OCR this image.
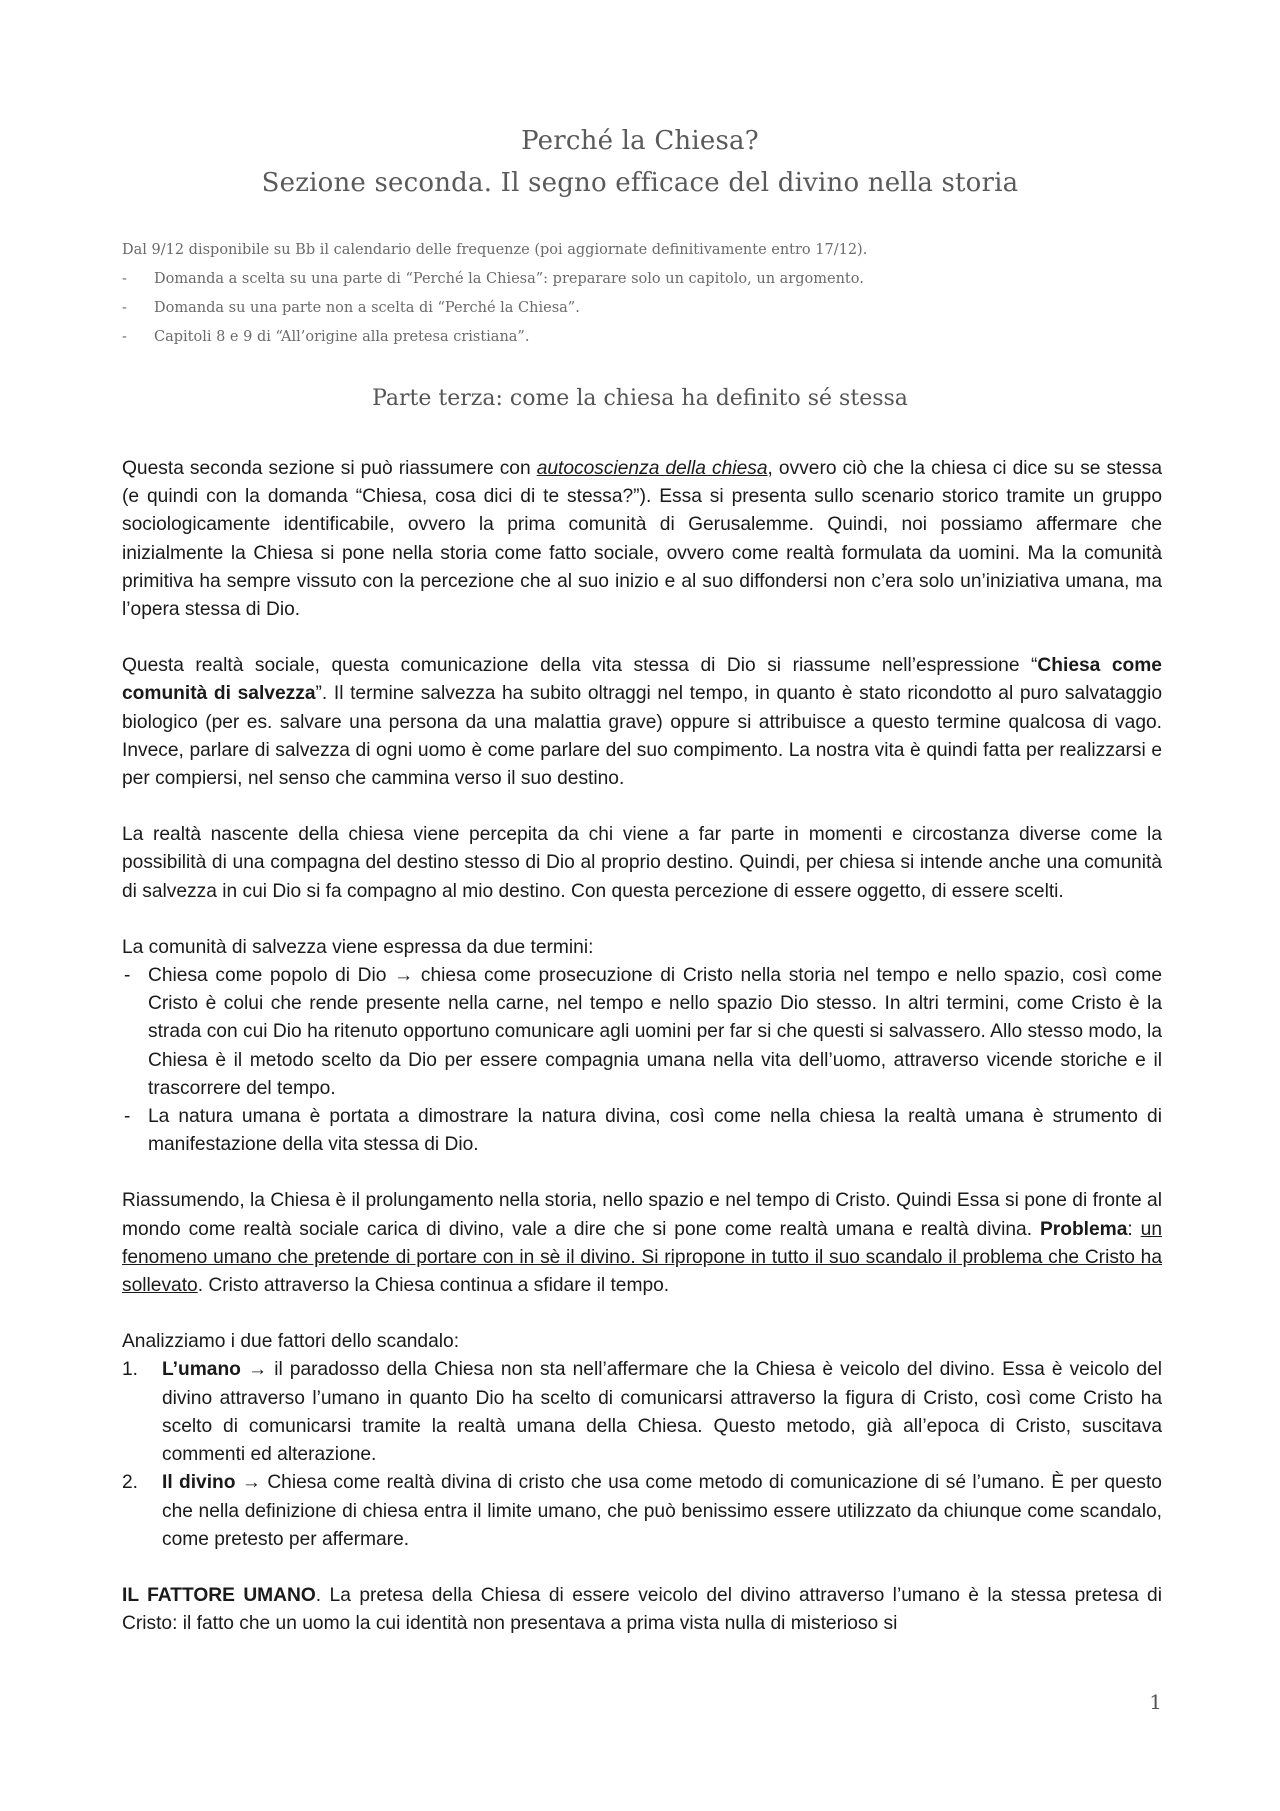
Perché la Chiesa?
Sezione seconda. Il segno efficace del divino nella storia
Dal 9/12 disponibile su Bb il calendario delle frequenze (poi aggiornate definitivamente entro 17/12).
- Domanda a scelta su una parte di “Perché la Chiesa”: preparare solo un capitolo, un argomento.
- Domanda su una parte non a scelta di “Perché la Chiesa”.
- Capitoli 8 e 9 di “All’origine alla pretesa cristiana”.
Parte terza: come la chiesa ha definito sé stessa

Questa seconda sezione si può riassumere con autocoscienza della chiesa, ovvero ciò che la chiesa ci dice su se stessa (e quindi con la domanda “Chiesa, cosa dici di te stessa?”). Essa si presenta sullo scenario storico tramite un gruppo sociologicamente identificabile, ovvero la prima comunità di Gerusalemme. Quindi, noi possiamo affermare che inizialmente la Chiesa si pone nella storia come fatto sociale, ovvero come realtà formulata da uomini. Ma la comunità primitiva ha sempre vissuto con la percezione che al suo inizio e al suo diffondersi non c’era solo un’iniziativa umana, ma l’opera stessa di Dio.

Questa realtà sociale, questa comunicazione della vita stessa di Dio si riassume nell’espressione “Chiesa come comunità di salvezza”. Il termine salvezza ha subito oltraggi nel tempo, in quanto è stato ricondotto al puro salvataggio biologico (per es. salvare una persona da una malattia grave) oppure si attribuisce a questo termine qualcosa di vago. Invece, parlare di salvezza di ogni uomo è come parlare del suo compimento. La nostra vita è quindi fatta per realizzarsi e per compiersi, nel senso che cammina verso il suo destino.

La realtà nascente della chiesa viene percepita da chi viene a far parte in momenti e circostanza diverse come la possibilità di una compagna del destino stesso di Dio al proprio destino. Quindi, per chiesa si intende anche una comunità di salvezza in cui Dio si fa compagno al mio destino. Con questa percezione di essere oggetto, di essere scelti.

La comunità di salvezza viene espressa da due termini:

- Chiesa come popolo di Dio → chiesa come prosecuzione di Cristo nella storia nel tempo e nello spazio, così come Cristo è colui che rende presente nella carne, nel tempo e nello spazio Dio stesso. In altri termini, come Cristo è la strada con cui Dio ha ritenuto opportuno comunicare agli uomini per far si che questi si salvassero. Allo stesso modo, la Chiesa è il metodo scelto da Dio per essere compagnia umana nella vita dell’uomo, attraverso vicende storiche e il trascorrere del tempo.
- La natura umana è portata a dimostrare la natura divina, così come nella chiesa la realtà umana è strumento di manifestazione della vita stessa di Dio.

Riassumendo, la Chiesa è il prolungamento nella storia, nello spazio e nel tempo di Cristo. Quindi Essa si pone di fronte al mondo come realtà sociale carica di divino, vale a dire che si pone come realtà umana e realtà divina. Problema: un fenomeno umano che pretende di portare con in sè il divino. Si ripropone in tutto il suo scandalo il problema che Cristo ha sollevato. Cristo attraverso la Chiesa continua a sfidare il tempo.

Analizziamo i due fattori dello scandalo:

1. L’umano → il paradosso della Chiesa non sta nell’affermare che la Chiesa è veicolo del divino. Essa è veicolo del divino attraverso l’umano in quanto Dio ha scelto di comunicarsi attraverso la figura di Cristo, così come Cristo ha scelto di comunicarsi tramite la realtà umana della Chiesa. Questo metodo, già all’epoca di Cristo, suscitava commenti ed alterazione.
2. Il divino → Chiesa come realtà divina di cristo che usa come metodo di comunicazione di sé l’umano. È per questo che nella definizione di chiesa entra il limite umano, che può benissimo essere utilizzato da chiunque come scandalo, come pretesto per affermare.

IL FATTORE UMANO. La pretesa della Chiesa di essere veicolo del divino attraverso l’umano è la stessa pretesa di Cristo: il fatto che un uomo la cui identità non presentava a prima vista nulla di misterioso si

1
